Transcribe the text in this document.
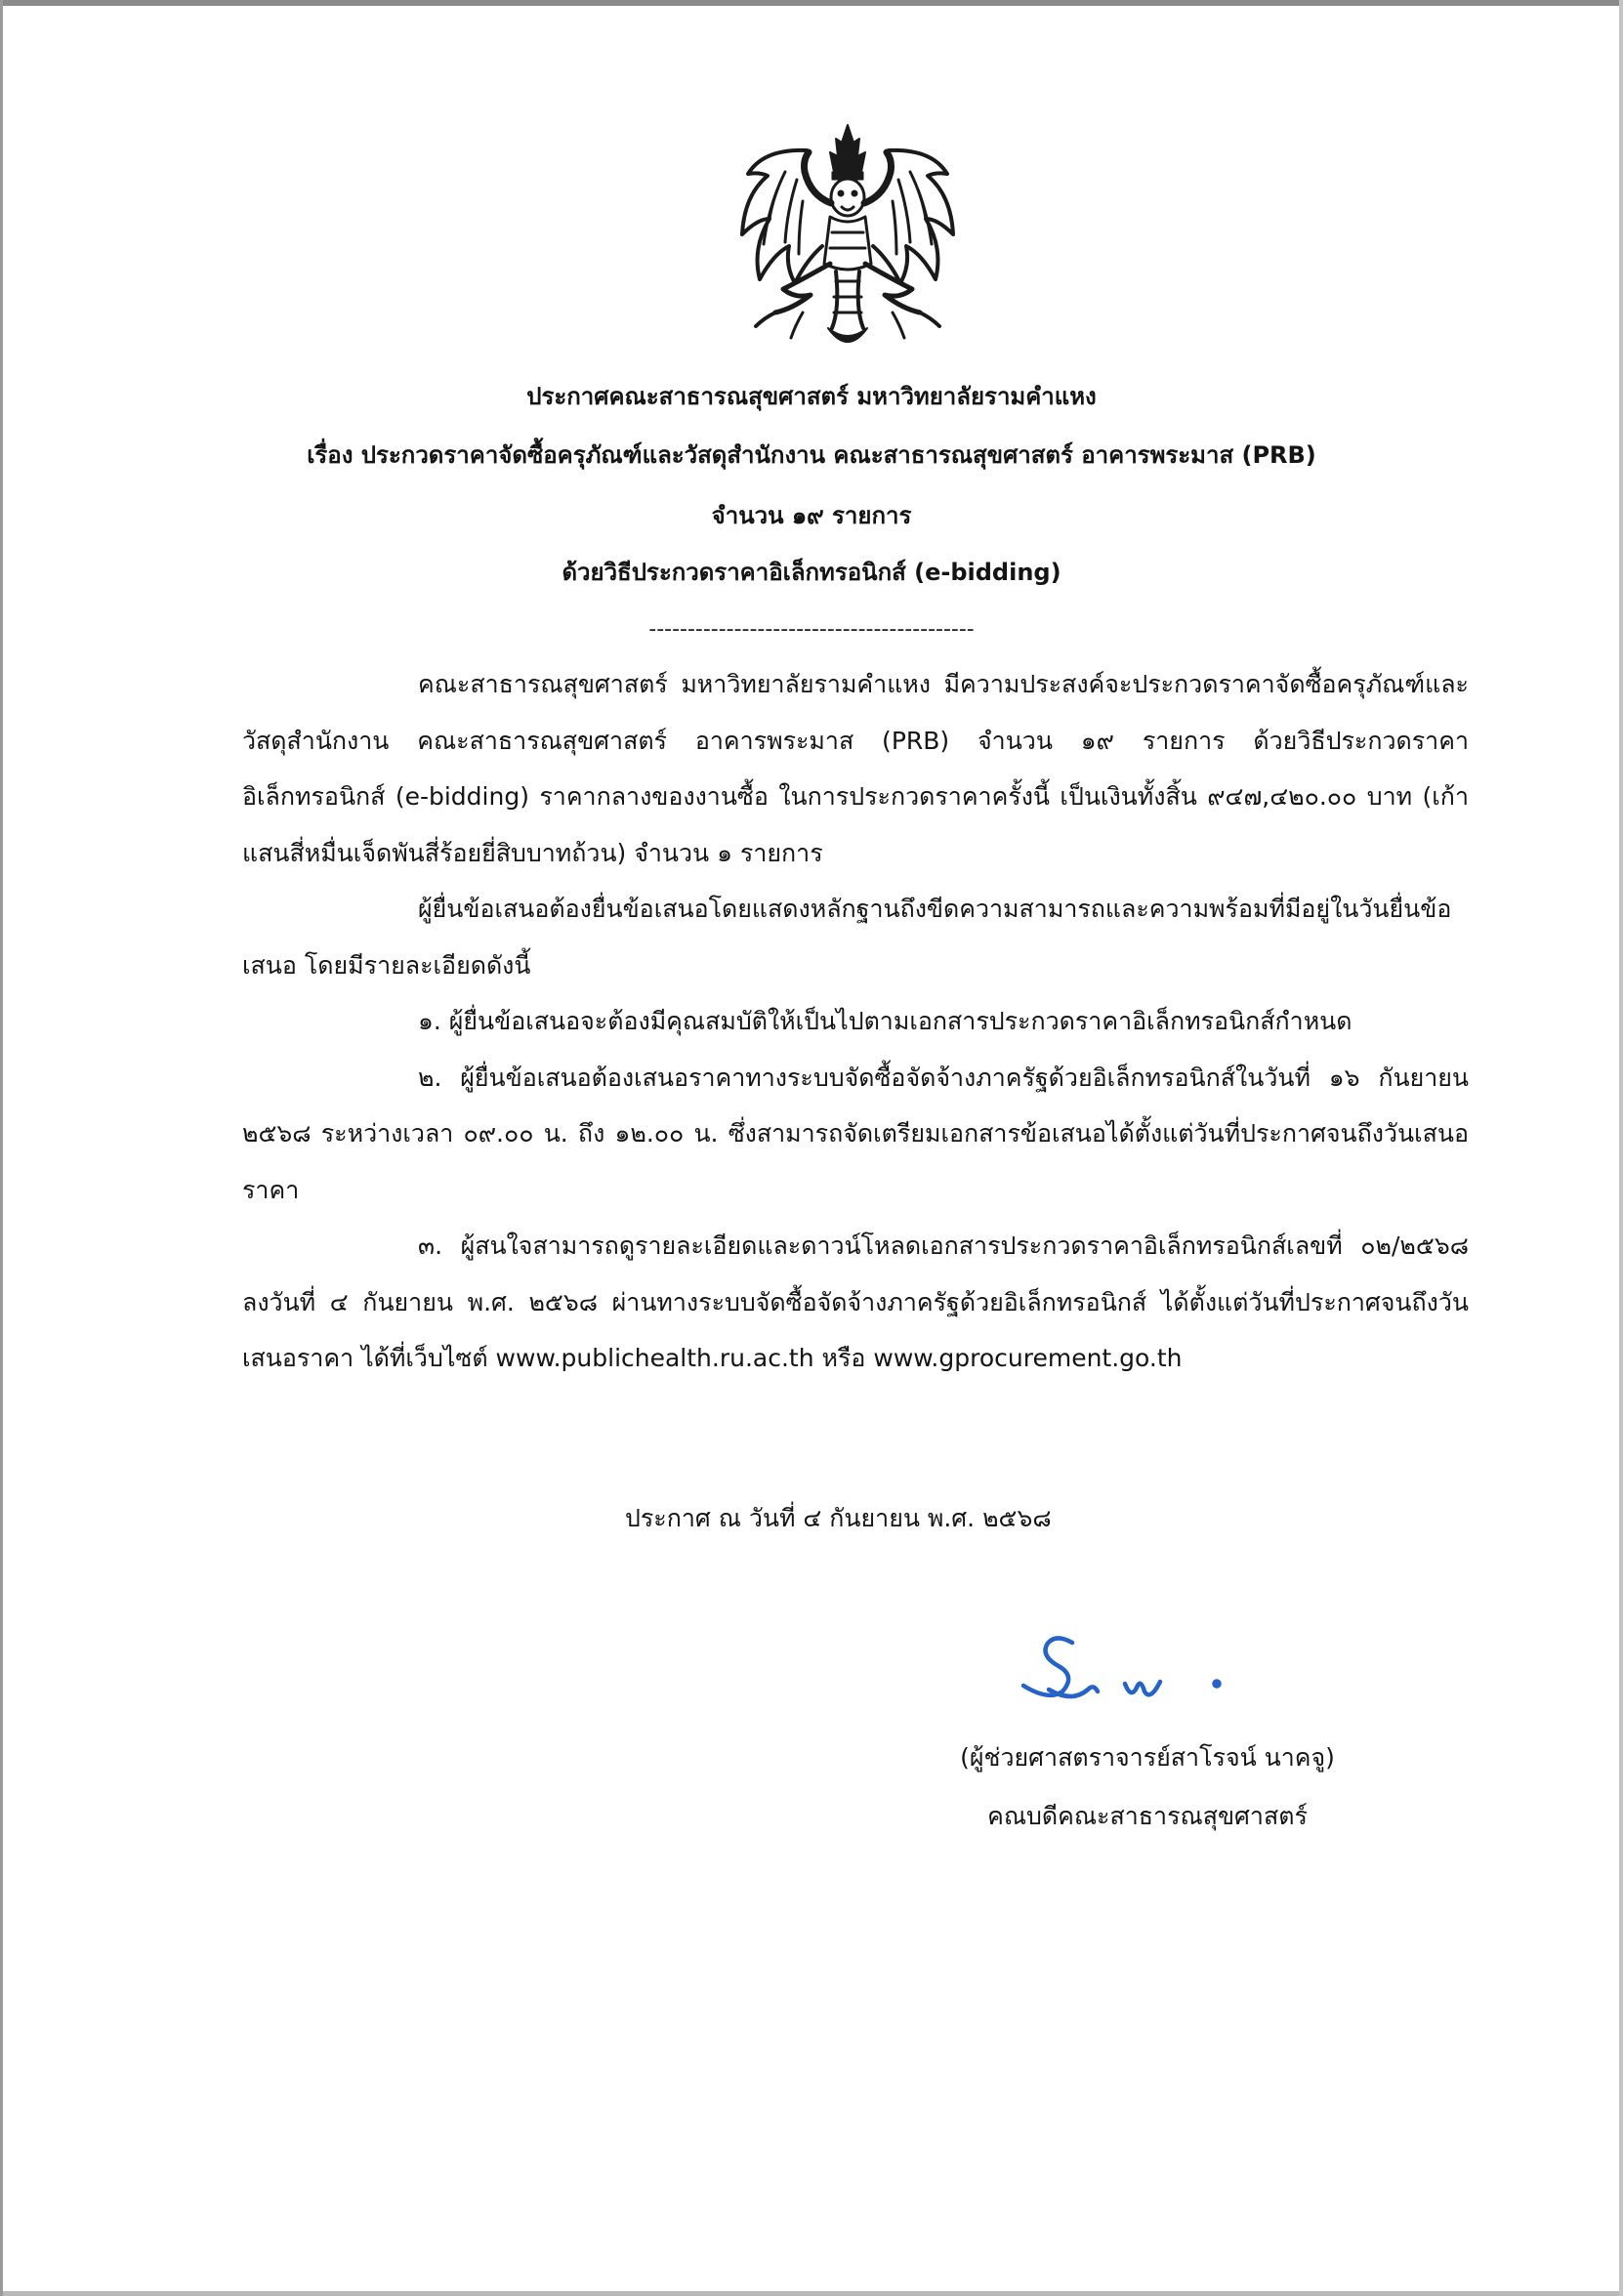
ประกาศคณะสาธารณสุขศาสตร์ มหาวิทยาลัยรามคำแหง
เรื่อง ประกวดราคาจัดซื้อครุภัณฑ์และวัสดุสำนักงาน คณะสาธารณสุขศาสตร์ อาคารพระมาส (PRB)
จำนวน ๑๙ รายการ
ด้วยวิธีประกวดราคาอิเล็กทรอนิกส์ (e-bidding)
------------------------------------------

คณะสาธารณสุขศาสตร์ มหาวิทยาลัยรามคำแหง มีความประสงค์จะประกวดราคาจัดซื้อครุภัณฑ์และวัสดุสำนักงาน คณะสาธารณสุขศาสตร์ อาคารพระมาส (PRB) จำนวน ๑๙ รายการ ด้วยวิธีประกวดราคาอิเล็กทรอนิกส์ (e-bidding) ราคากลางของงานซื้อ ในการประกวดราคาครั้งนี้ เป็นเงินทั้งสิ้น ๙๔๗,๔๒๐.๐๐ บาท (เก้าแสนสี่หมื่นเจ็ดพันสี่ร้อยยี่สิบบาทถ้วน) จำนวน ๑ รายการ

ผู้ยื่นข้อเสนอต้องยื่นข้อเสนอโดยแสดงหลักฐานถึงขีดความสามารถและความพร้อมที่มีอยู่ในวันยื่นข้อเสนอ โดยมีรายละเอียดดังนี้

๑. ผู้ยื่นข้อเสนอจะต้องมีคุณสมบัติให้เป็นไปตามเอกสารประกวดราคาอิเล็กทรอนิกส์กำหนด

๒. ผู้ยื่นข้อเสนอต้องเสนอราคาทางระบบจัดซื้อจัดจ้างภาครัฐด้วยอิเล็กทรอนิกส์ในวันที่ ๑๖ กันยายน ๒๕๖๘ ระหว่างเวลา ๐๙.๐๐ น. ถึง ๑๒.๐๐ น. ซึ่งสามารถจัดเตรียมเอกสารข้อเสนอได้ตั้งแต่วันที่ประกาศจนถึงวันเสนอราคา

๓. ผู้สนใจสามารถดูรายละเอียดและดาวน์โหลดเอกสารประกวดราคาอิเล็กทรอนิกส์เลขที่ ๐๒/๒๕๖๘ ลงวันที่ ๔ กันยายน พ.ศ. ๒๕๖๘ ผ่านทางระบบจัดซื้อจัดจ้างภาครัฐด้วยอิเล็กทรอนิกส์ ได้ตั้งแต่วันที่ประกาศจนถึงวันเสนอราคา ได้ที่เว็บไซต์ www.publichealth.ru.ac.th หรือ www.gprocurement.go.th

ประกาศ ณ วันที่ ๔ กันยายน พ.ศ. ๒๕๖๘
(ผู้ช่วยศาสตราจารย์สาโรจน์ นาคจู)
คณบดีคณะสาธารณสุขศาสตร์
